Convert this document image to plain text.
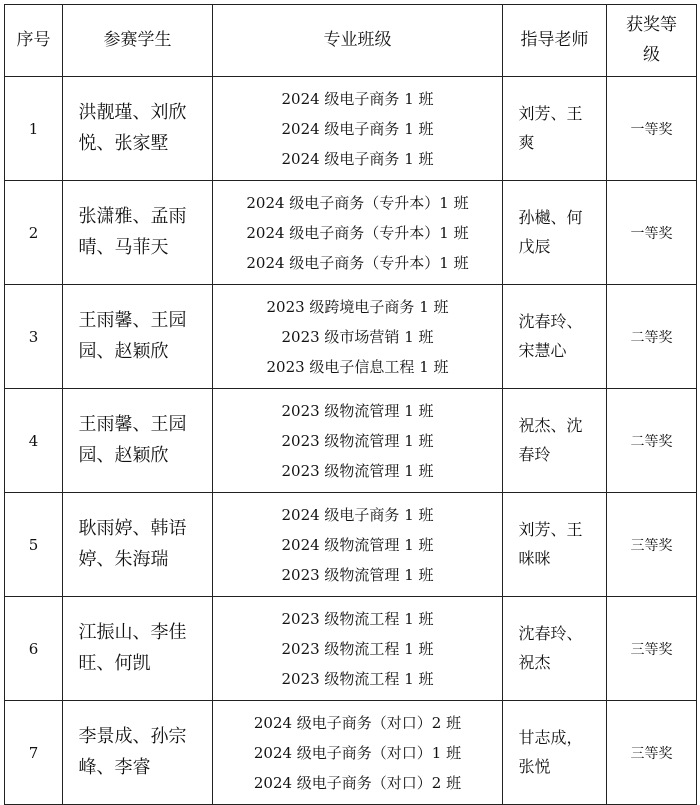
序号	参赛学生	专业班级	指导老师	获奖等级
1	洪靓瑾、刘欣悦、张家墅	2024 级电子商务 1 班
2024 级电子商务 1 班
2024 级电子商务 1 班	刘芳、王爽	一等奖
2	张潇雅、孟雨晴、马菲天	2024 级电子商务（专升本）1 班
2024 级电子商务（专升本）1 班
2024 级电子商务（专升本）1 班	孙樾、何戊辰	一等奖
3	王雨馨、王园园、赵颖欣	2023 级跨境电子商务 1 班
2023 级市场营销 1 班
2023 级电子信息工程 1 班	沈春玲、宋慧心	二等奖
4	王雨馨、王园园、赵颖欣	2023 级物流管理 1 班
2023 级物流管理 1 班
2023 级物流管理 1 班	祝杰、沈春玲	二等奖
5	耿雨婷、韩语婷、朱海瑞	2024 级电子商务 1 班
2024 级物流管理 1 班
2023 级物流管理 1 班	刘芳、王咪咪	三等奖
6	江振山、李佳旺、何凯	2023 级物流工程 1 班
2023 级物流工程 1 班
2023 级物流工程 1 班	沈春玲、祝杰	三等奖
7	李景成、孙宗峰、李睿	2024 级电子商务（对口）2 班
2024 级电子商务（对口）1 班
2024 级电子商务（对口）2 班	甘志成，张悦	三等奖
